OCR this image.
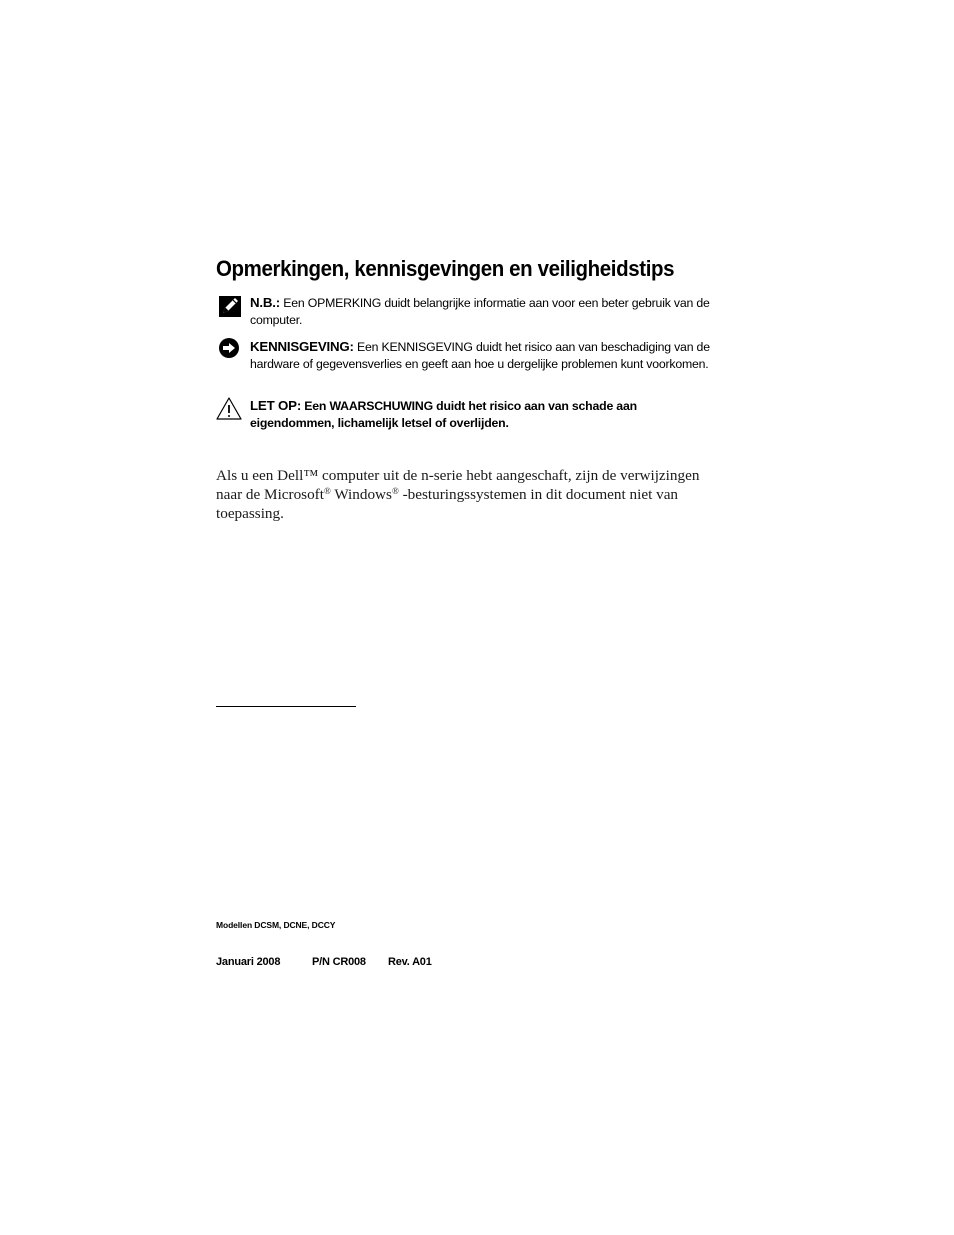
Opmerkingen, kennisgevingen en veiligheidstips
N.B.: Een OPMERKING duidt belangrijke informatie aan voor een beter gebruik van de computer.
KENNISGEVING: Een KENNISGEVING duidt het risico aan van beschadiging van de hardware of gegevensverlies en geeft aan hoe u dergelijke problemen kunt voorkomen.
LET OP: Een WAARSCHUWING duidt het risico aan van schade aan eigendommen, lichamelijk letsel of overlijden.

Als u een Dell™ computer uit de n-serie hebt aangeschaft, zijn de verwijzingen naar de Microsoft® Windows® -besturingssystemen in dit document niet van toepassing.

Modellen DCSM, DCNE, DCCY
Januari 2008	P/N CR008 Rev. A01
